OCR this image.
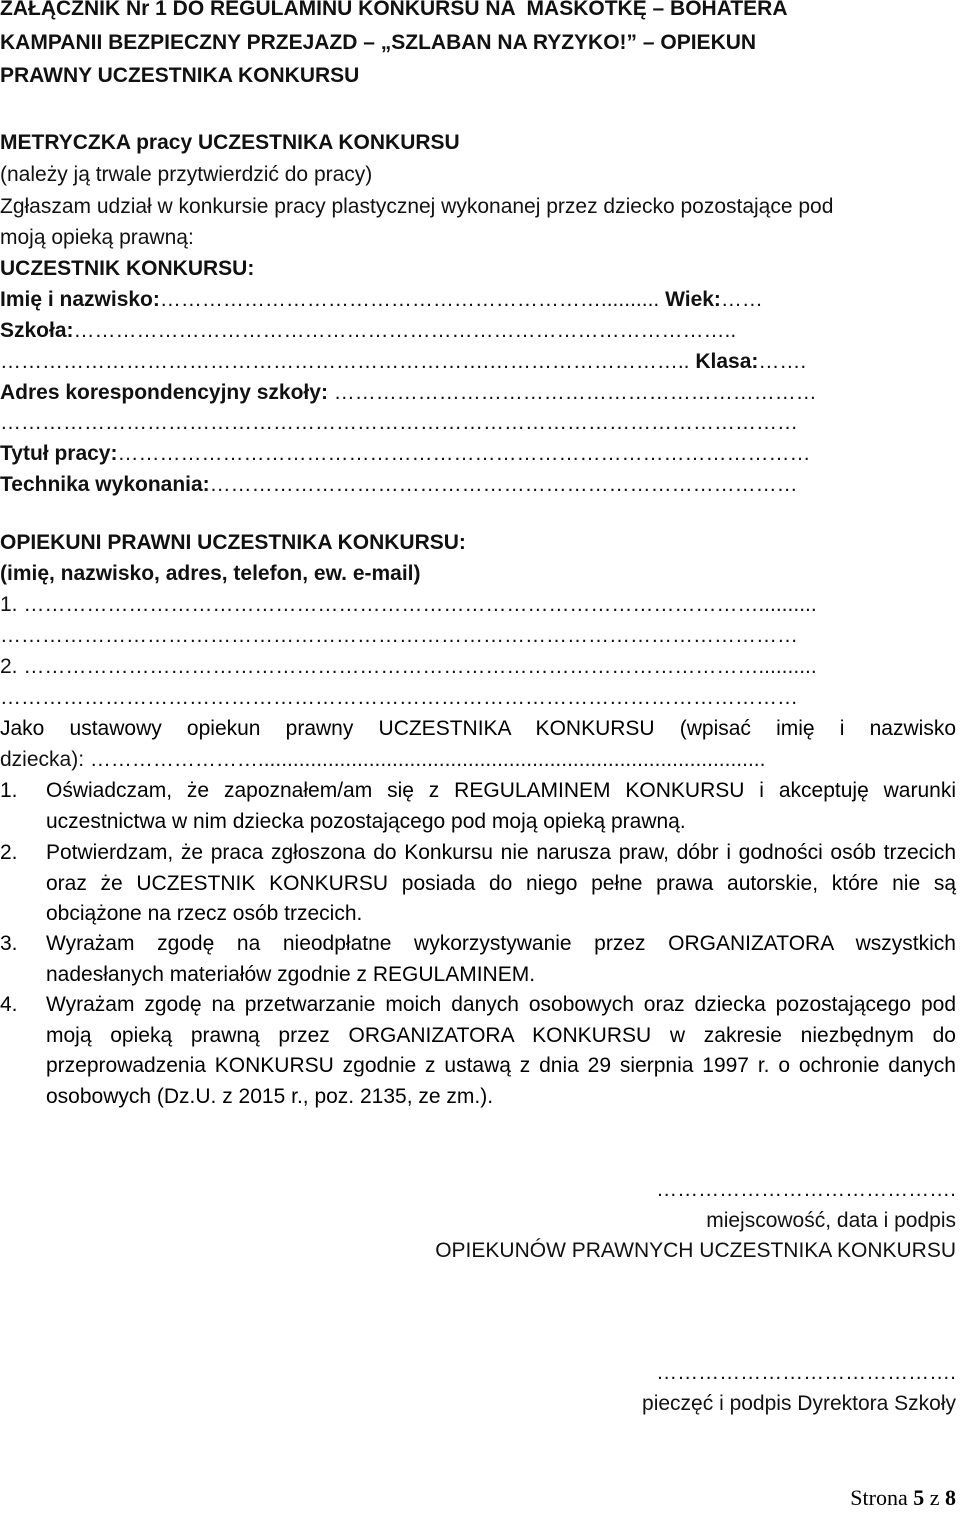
ZAŁĄCZNIK Nr 1 DO REGULAMINU KONKURSU NA  MASKOTKĘ – BOHATERA
KAMPANII BEZPIECZNY PRZEJAZD – „SZLABAN NA RYZYKO!” – OPIEKUN
PRAWNY UCZESTNIKA KONKURSU
METRYCZKA pracy UCZESTNIKA KONKURSU
(należy ją trwale przytwierdzić do pracy)
Zgłaszam udział w konkursie pracy plastycznej wykonanej przez dziecko pozostające pod
moją opieką prawną:
UCZESTNIK KONKURSU:
Imię i nazwisko:……………………………………………………….......... Wiek:……
Szkoła:…………………………………………………………………………………..
…………………………………………………………….……………………….. Klasa:…….
Adres korespondencyjny szkoły: ……………………………………………………………
……………………………………………………………………………………………………
Tytuł pracy:………………………………………………………………………………………
Technika wykonania:…………………………………………………………………………
OPIEKUNI PRAWNI UCZESTNIKA KONKURSU:
(imię, nazwisko, adres, telefon, ew. e-mail)
1. ……………………………………………………………………………………………..........
……………………………………………………………………………………………………
2. ……………………………………………………………………………………………..........
……………………………………………………………………………………………………
Jako ustawowy opiekun prawny UCZESTNIKA KONKURSU (wpisać imię i nazwisko
dziecka): …………………….......................................................................................
1. Oświadczam, że zapoznałem/am się z REGULAMINEM KONKURSU i akceptuję warunki uczestnictwa w nim dziecka pozostającego pod moją opieką prawną.
2. Potwierdzam, że praca zgłoszona do Konkursu nie narusza praw, dóbr i godności osób trzecich oraz że UCZESTNIK KONKURSU posiada do niego pełne prawa autorskie, które nie są obciążone na rzecz osób trzecich.
3. Wyrażam zgodę na nieodpłatne wykorzystywanie przez ORGANIZATORA wszystkich nadesłanych materiałów zgodnie z REGULAMINEM.
4. Wyrażam zgodę na przetwarzanie moich danych osobowych oraz dziecka pozostającego pod moją opieką prawną przez ORGANIZATORA KONKURSU w zakresie niezbędnym do przeprowadzenia KONKURSU zgodnie z ustawą z dnia 29 sierpnia 1997 r. o ochronie danych osobowych (Dz.U. z 2015 r., poz. 2135, ze zm.).
…………………………………….
miejscowość, data i podpis
OPIEKUNÓW PRAWNYCH UCZESTNIKA KONKURSU
…………………………………….
pieczęć i podpis Dyrektora Szkoły
Strona 5 z 8
